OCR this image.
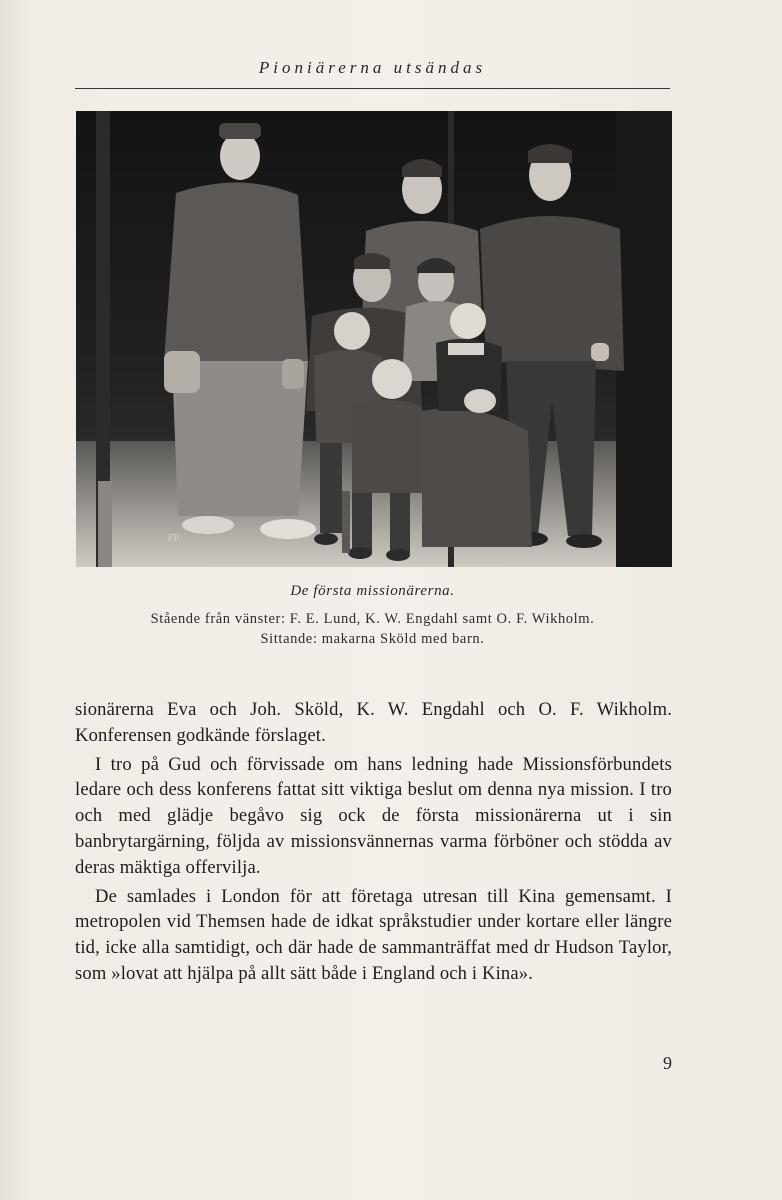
Pioniärerna utsändas
FP
De första missionärerna.
Stående från vänster: F. E. Lund, K. W. Engdahl samt O. F. Wikholm.
Sittande: makarna Sköld med barn.

sionärerna Eva och Joh. Sköld, K. W. Engdahl och O. F. Wikholm. Konferensen godkände förslaget.

I tro på Gud och förvissade om hans ledning hade Missionsförbundets ledare och dess konferens fattat sitt viktiga beslut om denna nya mission. I tro och med glädje begåvo sig ock de första missionärerna ut i sin banbrytargärning, följda av missionsvännernas varma förböner och stödda av deras mäktiga offervilja.

De samlades i London för att företaga utresan till Kina gemensamt. I metropolen vid Themsen hade de idkat språkstudier under kortare eller längre tid, icke alla samtidigt, och där hade de sammanträffat med dr Hudson Taylor, som »lovat att hjälpa på allt sätt både i England och i Kina».

9
